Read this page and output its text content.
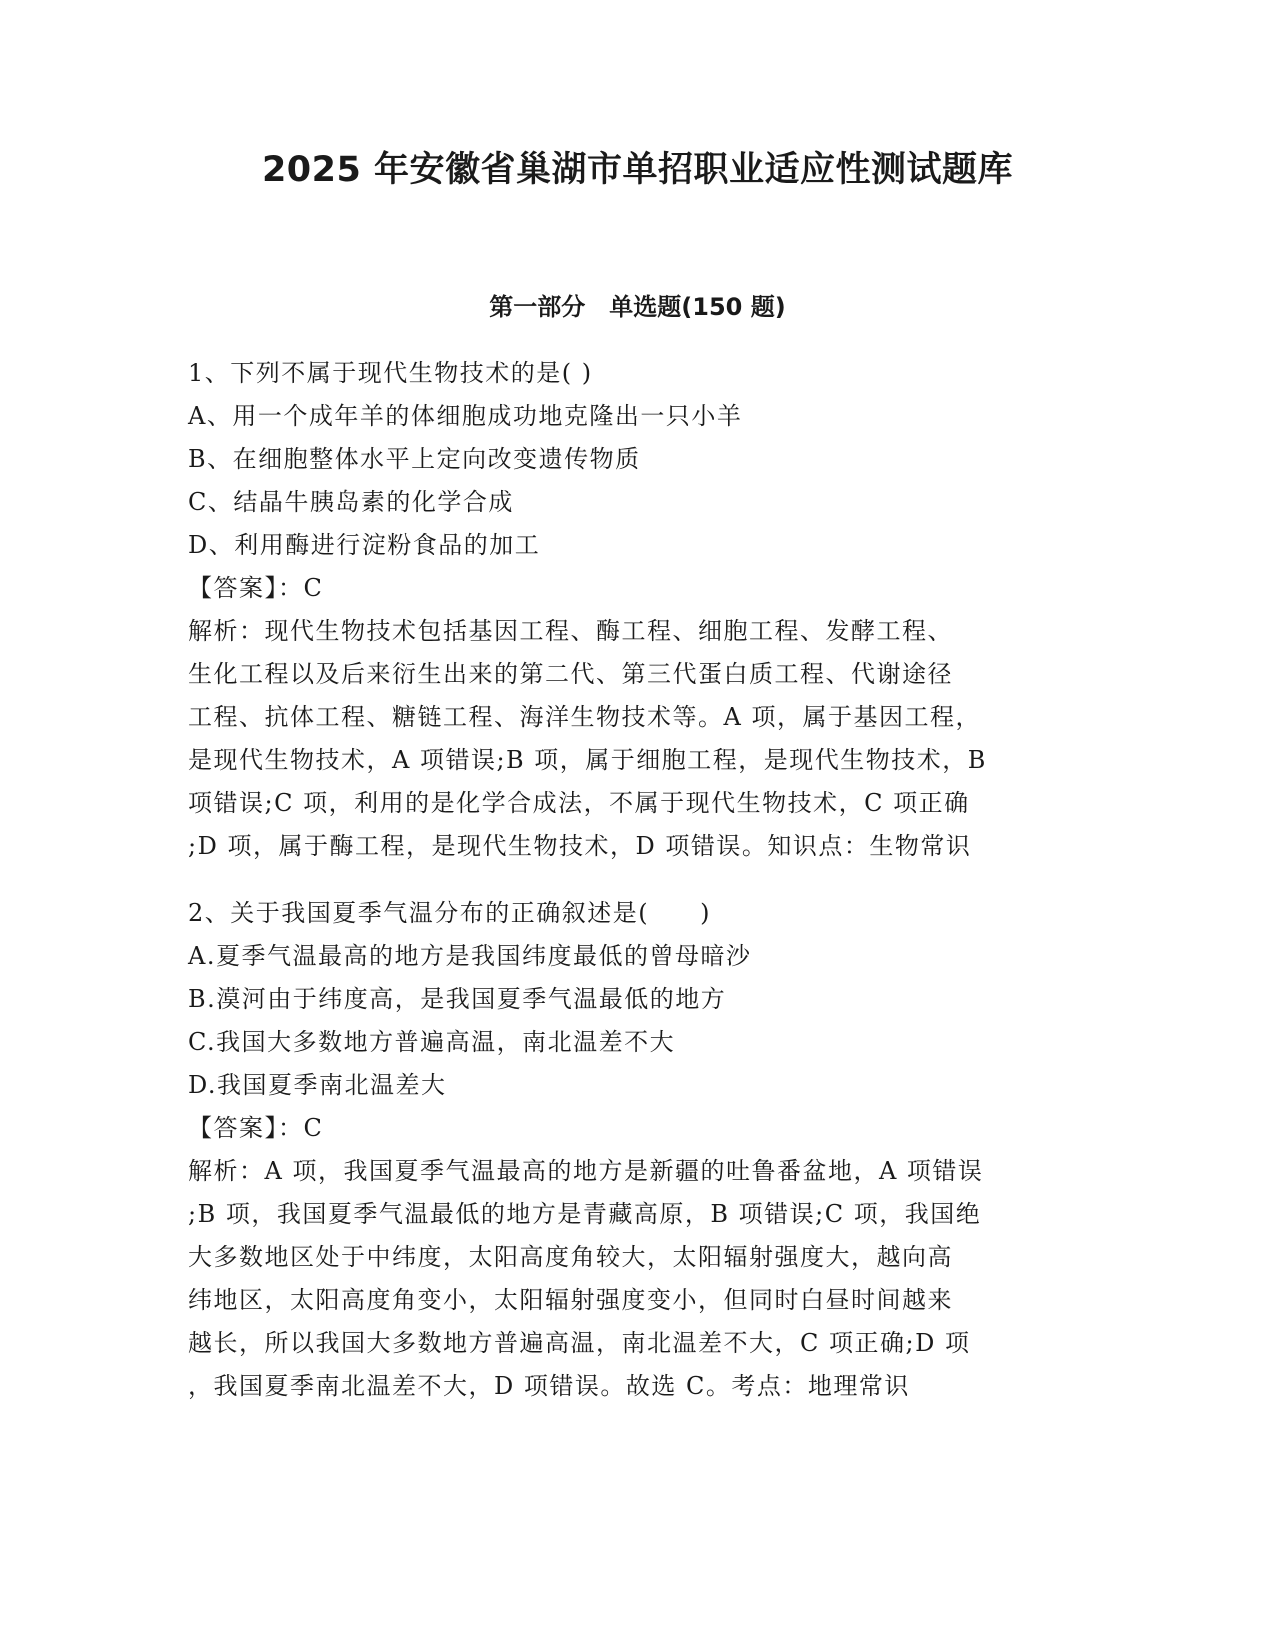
2025 年安徽省巢湖市单招职业适应性测试题库
第一部分　单选题(150 题)

1、下列不属于现代生物技术的是( )

A、用一个成年羊的体细胞成功地克隆出一只小羊

B、在细胞整体水平上定向改变遗传物质

C、结晶牛胰岛素的化学合成

D、利用酶进行淀粉食品的加工

【答案】：C

解析：现代生物技术包括基因工程、酶工程、细胞工程、发酵工程、

生化工程以及后来衍生出来的第二代、第三代蛋白质工程、代谢途径

工程、抗体工程、糖链工程、海洋生物技术等。A 项，属于基因工程，

是现代生物技术，A 项错误;B 项，属于细胞工程，是现代生物技术，B

项错误;C 项，利用的是化学合成法，不属于现代生物技术，C 项正确

;D 项，属于酶工程，是现代生物技术，D 项错误。知识点：生物常识

2、关于我国夏季气温分布的正确叙述是(　　)

A.夏季气温最高的地方是我国纬度最低的曾母暗沙

B.漠河由于纬度高，是我国夏季气温最低的地方

C.我国大多数地方普遍高温，南北温差不大

D.我国夏季南北温差大

【答案】：C

解析：A 项，我国夏季气温最高的地方是新疆的吐鲁番盆地，A 项错误

;B 项，我国夏季气温最低的地方是青藏高原，B 项错误;C 项，我国绝

大多数地区处于中纬度，太阳高度角较大，太阳辐射强度大，越向高

纬地区，太阳高度角变小，太阳辐射强度变小，但同时白昼时间越来

越长，所以我国大多数地方普遍高温，南北温差不大，C 项正确;D 项

，我国夏季南北温差不大，D 项错误。故选 C。考点：地理常识
